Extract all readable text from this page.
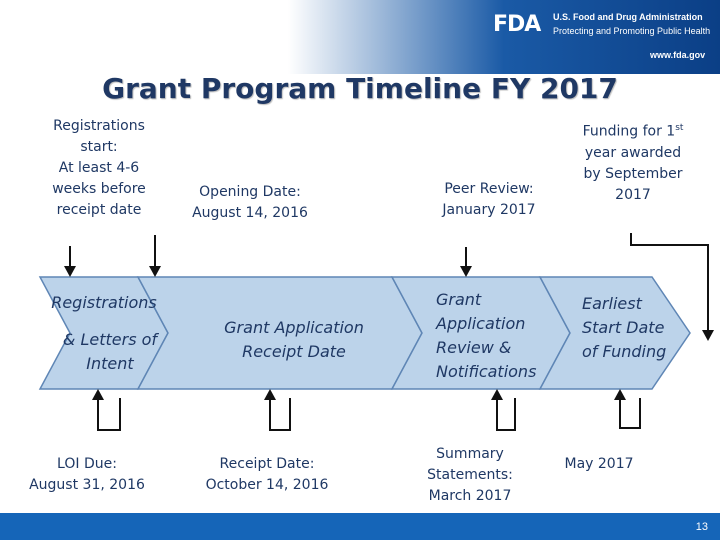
FDA U.S. Food and Drug Administration
Protecting and Promoting Public Health
www.fda.gov
Grant Program Timeline FY 2017
Registrations
start:
At least 4-6
weeks before
receipt date
Opening Date:
August 14, 2016
Peer Review:
January 2017
Funding for 1st
year awarded
by September
2017
Registrations
& Letters of
Intent
Grant Application
Receipt Date
Grant
Application
Review &
Notifications
Earliest
Start Date
of Funding
LOI Due:
August 31, 2016
Receipt Date:
October 14, 2016
Summary
Statements:
March 2017
May 2017
13
